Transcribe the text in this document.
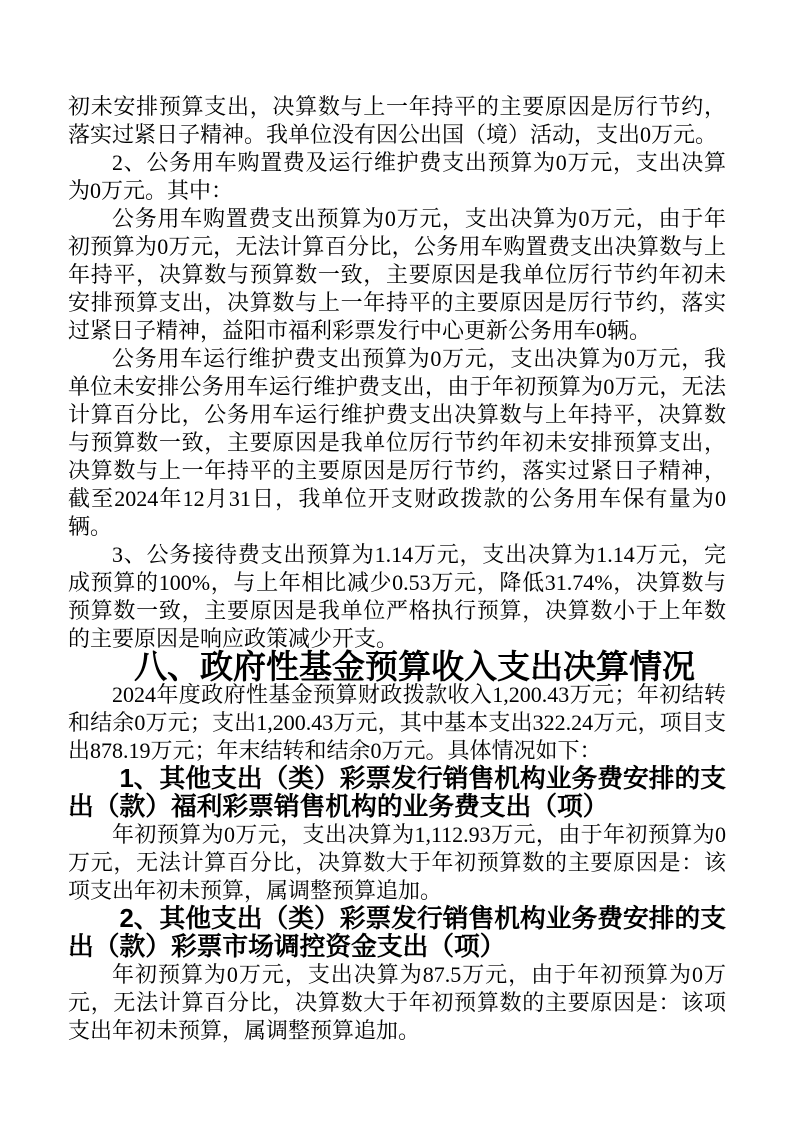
初未安排预算支出，决算数与上一年持平的主要原因是厉行节约，落实过紧日子精神。我单位没有因公出国（境）活动，支出0万元。

2、公务用车购置费及运行维护费支出预算为0万元，支出决算为0万元。其中：

公务用车购置费支出预算为0万元，支出决算为0万元，由于年初预算为0万元，无法计算百分比，公务用车购置费支出决算数与上年持平，决算数与预算数一致，主要原因是我单位厉行节约年初未安排预算支出，决算数与上一年持平的主要原因是厉行节约，落实过紧日子精神，益阳市福利彩票发行中心更新公务用车0辆。

公务用车运行维护费支出预算为0万元，支出决算为0万元，我单位未安排公务用车运行维护费支出，由于年初预算为0万元，无法计算百分比，公务用车运行维护费支出决算数与上年持平，决算数与预算数一致，主要原因是我单位厉行节约年初未安排预算支出，决算数与上一年持平的主要原因是厉行节约，落实过紧日子精神，截至2024年12月31日，我单位开支财政拨款的公务用车保有量为0辆。

3、公务接待费支出预算为1.14万元，支出决算为1.14万元，完成预算的100%，与上年相比减少0.53万元，降低31.74%，决算数与预算数一致，主要原因是我单位严格执行预算，决算数小于上年数的主要原因是响应政策减少开支。

八、政府性基金预算收入支出决算情况

2024年度政府性基金预算财政拨款收入1,200.43万元；年初结转和结余0万元；支出1,200.43万元，其中基本支出322.24万元，项目支出878.19万元；年末结转和结余0万元。具体情况如下：

1、其他支出（类）彩票发行销售机构业务费安排的支出（款）福利彩票销售机构的业务费支出（项）

年初预算为0万元，支出决算为1,112.93万元，由于年初预算为0万元，无法计算百分比，决算数大于年初预算数的主要原因是：该项支出年初未预算，属调整预算追加。

2、其他支出（类）彩票发行销售机构业务费安排的支出（款）彩票市场调控资金支出（项）

年初预算为0万元，支出决算为87.5万元，由于年初预算为0万元，无法计算百分比，决算数大于年初预算数的主要原因是：该项支出年初未预算，属调整预算追加。
